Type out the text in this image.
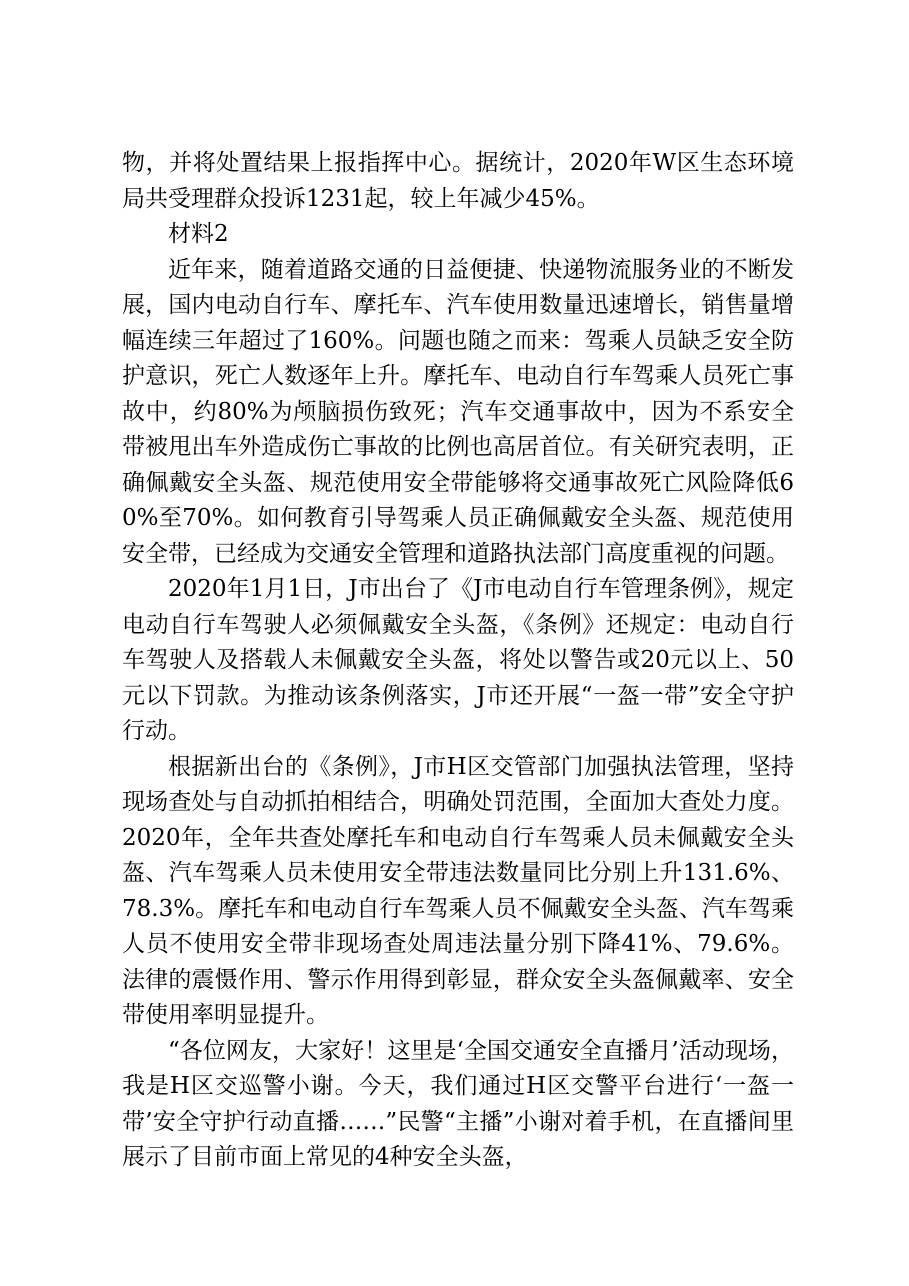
物，并将处置结果上报指挥中心。据统计，2020年W区生态环境局共受理群众投诉1231起，较上年减少45%。

材料2

近年来，随着道路交通的日益便捷、快递物流服务业的不断发展，国内电动自行车、摩托车、汽车使用数量迅速增长，销售量增幅连续三年超过了160%。问题也随之而来：驾乘人员缺乏安全防护意识，死亡人数逐年上升。摩托车、电动自行车驾乘人员死亡事故中，约80%为颅脑损伤致死；汽车交通事故中，因为不系安全带被甩出车外造成伤亡事故的比例也高居首位。有关研究表明，正确佩戴安全头盔、规范使用安全带能够将交通事故死亡风险降低60%至70%。如何教育引导驾乘人员正确佩戴安全头盔、规范使用安全带，已经成为交通安全管理和道路执法部门高度重视的问题。

2020年1月1日，J市出台了《J市电动自行车管理条例》，规定电动自行车驾驶人必须佩戴安全头盔，《条例》还规定：电动自行车驾驶人及搭载人未佩戴安全头盔，将处以警告或20元以上、50元以下罚款。为推动该条例落实，J市还开展“一盔一带”安全守护行动。

根据新出台的《条例》，J市H区交管部门加强执法管理，坚持现场查处与自动抓拍相结合，明确处罚范围，全面加大查处力度。2020年，全年共查处摩托车和电动自行车驾乘人员未佩戴安全头盔、汽车驾乘人员未使用安全带违法数量同比分别上升131.6%、78.3%。摩托车和电动自行车驾乘人员不佩戴安全头盔、汽车驾乘人员不使用安全带非现场查处周违法量分别下降41%、79.6%。法律的震慑作用、警示作用得到彰显，群众安全头盔佩戴率、安全带使用率明显提升。

“各位网友，大家好！这里是‘全国交通安全直播月’活动现场，我是H区交巡警小谢。今天，我们通过H区交警平台进行‘一盔一带’安全守护行动直播……”民警“主播”小谢对着手机，在直播间里展示了目前市面上常见的4种安全头盔，
